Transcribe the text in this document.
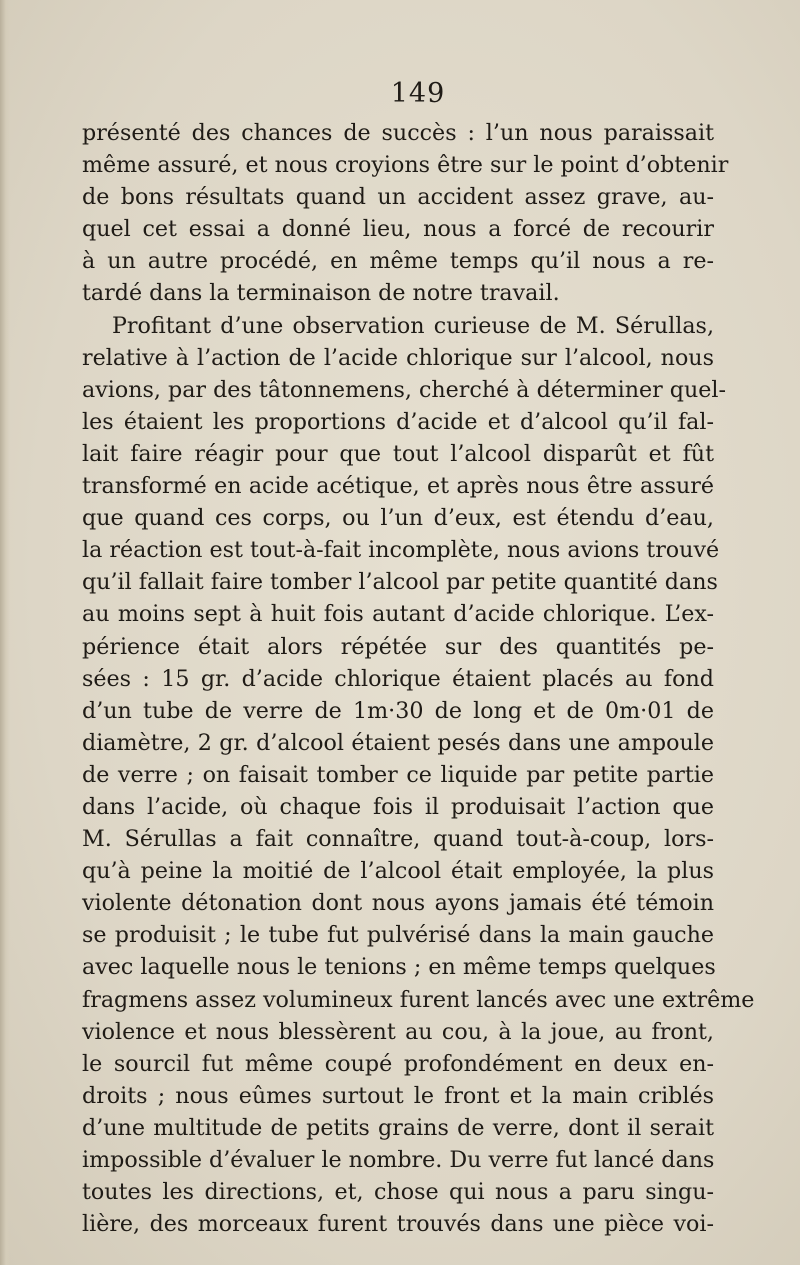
149
présenté des chances de succès : l’un nous paraissait
même assuré, et nous croyions être sur le point d’obtenir
de bons résultats quand un accident assez grave, au-
quel cet essai a donné lieu, nous a forcé de recourir
à un autre procédé, en même temps qu’il nous a re-
tardé dans la terminaison de notre travail.
Profitant d’une observation curieuse de M. Sérullas,
relative à l’action de l’acide chlorique sur l’alcool, nous
avions, par des tâtonnemens, cherché à déterminer quel-
les étaient les proportions d’acide et d’alcool qu’il fal-
lait faire réagir pour que tout l’alcool disparût et fût
transformé en acide acétique, et après nous être assuré
que quand ces corps, ou l’un d’eux, est étendu d’eau,
la réaction est tout-à-fait incomplète, nous avions trouvé
qu’il fallait faire tomber l’alcool par petite quantité dans
au moins sept à huit fois autant d’acide chlorique. L’ex-
périence était alors répétée sur des quantités pe-
sées : 15 gr. d’acide chlorique étaient placés au fond
d’un tube de verre de 1m·30 de long et de 0m·01 de
diamètre, 2 gr. d’alcool étaient pesés dans une ampoule
de verre ; on faisait tomber ce liquide par petite partie
dans l’acide, où chaque fois il produisait l’action que
M. Sérullas a fait connaître, quand tout-à-coup, lors-
qu’à peine la moitié de l’alcool était employée, la plus
violente détonation dont nous ayons jamais été témoin
se produisit ; le tube fut pulvérisé dans la main gauche
avec laquelle nous le tenions ; en même temps quelques
fragmens assez volumineux furent lancés avec une extrême
violence et nous blessèrent au cou, à la joue, au front,
le sourcil fut même coupé profondément en deux en-
droits ; nous eûmes surtout le front et la main criblés
d’une multitude de petits grains de verre, dont il serait
impossible d’évaluer le nombre. Du verre fut lancé dans
toutes les directions, et, chose qui nous a paru singu-
lière, des morceaux furent trouvés dans une pièce voi-
